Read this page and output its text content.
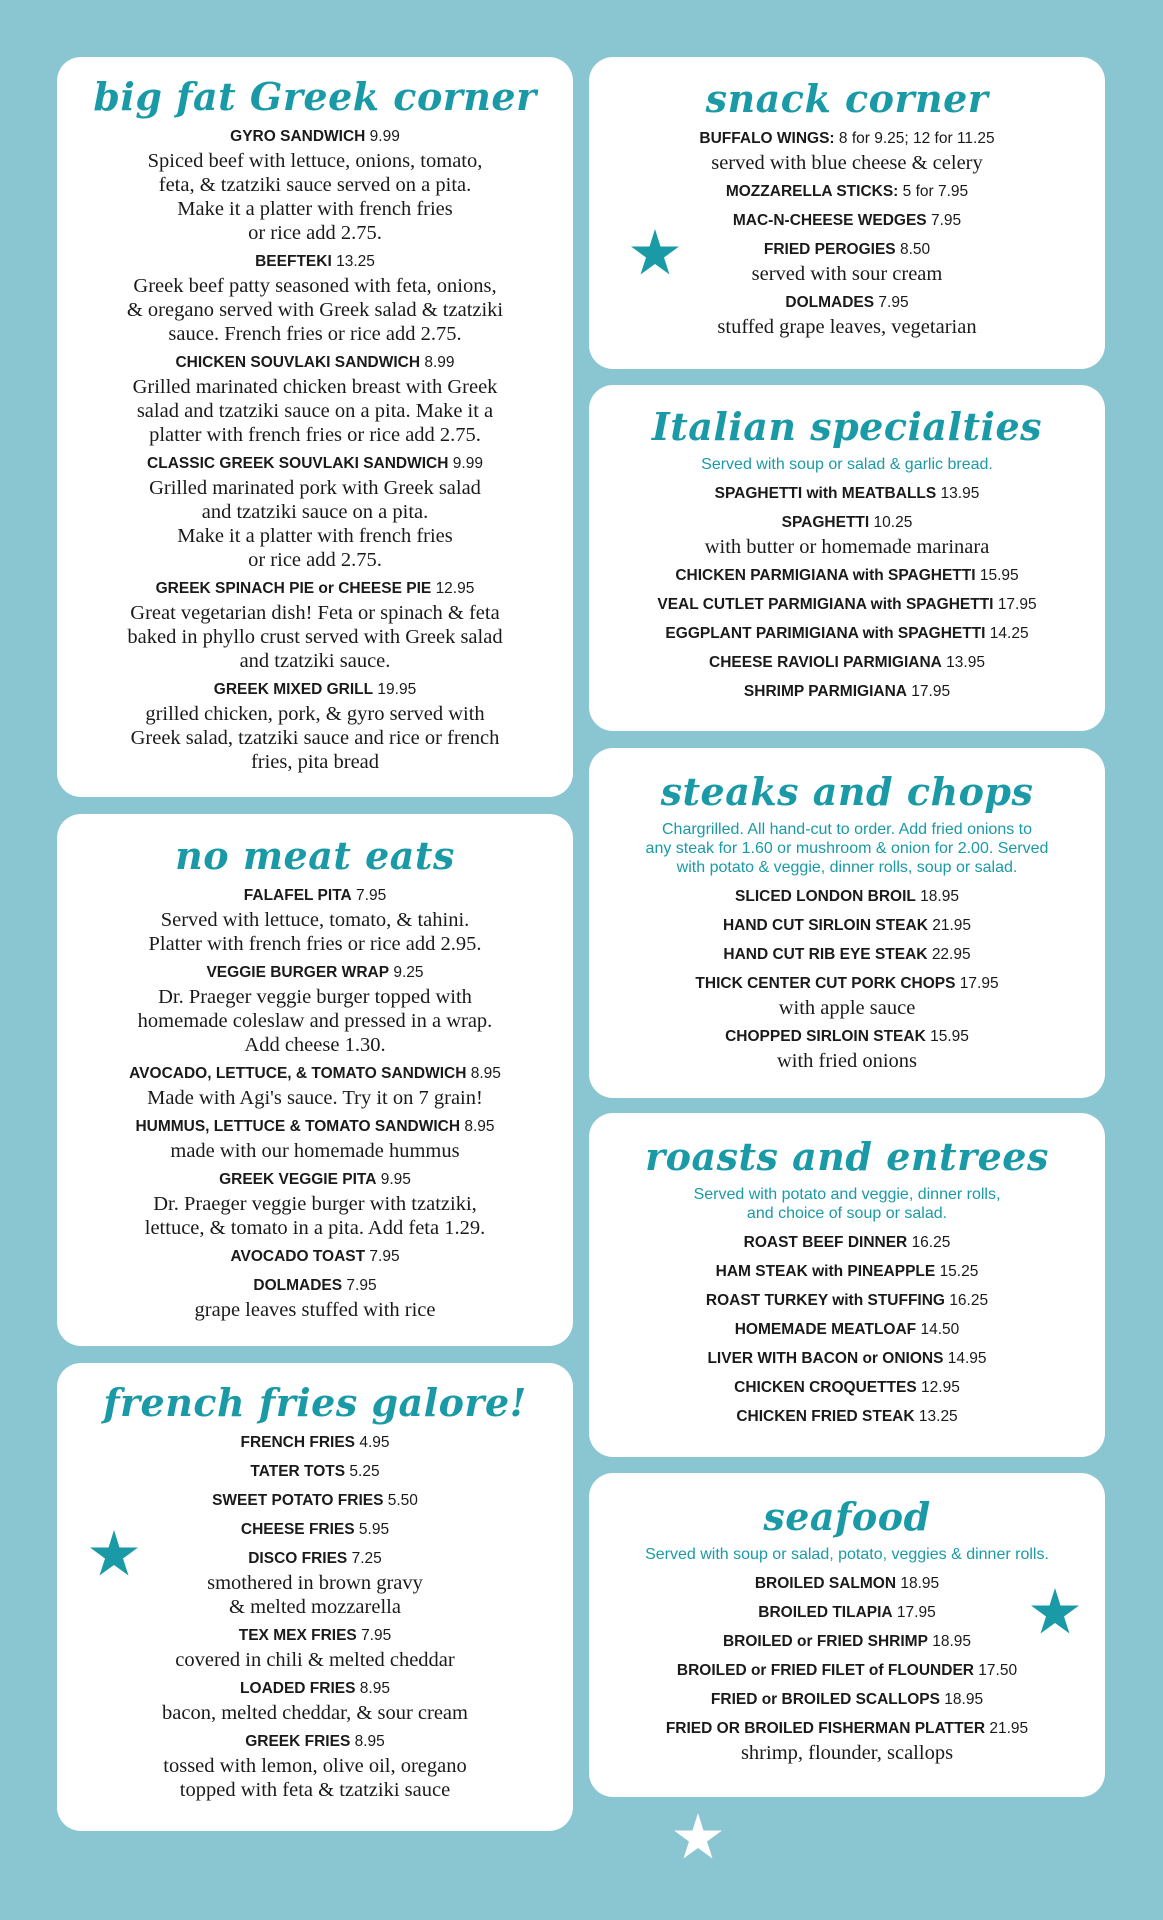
big fat Greek corner
GYRO SANDWICH 9.99
Spiced beef with lettuce, onions, tomato,
feta, & tzatziki sauce served on a pita.
Make it a platter with french fries
or rice add 2.75.
BEEFTEKI 13.25
Greek beef patty seasoned with feta, onions,
& oregano served with Greek salad & tzatziki
sauce. French fries or rice add 2.75.
CHICKEN SOUVLAKI SANDWICH 8.99
Grilled marinated chicken breast with Greek
salad and tzatziki sauce on a pita. Make it a
platter with french fries or rice add 2.75.
CLASSIC GREEK SOUVLAKI SANDWICH 9.99
Grilled marinated pork with Greek salad
and tzatziki sauce on a pita.
Make it a platter with french fries
or rice add 2.75.
GREEK SPINACH PIE or CHEESE PIE 12.95
Great vegetarian dish! Feta or spinach & feta
baked in phyllo crust served with Greek salad
and tzatziki sauce.
GREEK MIXED GRILL 19.95
grilled chicken, pork, & gyro served with
Greek salad, tzatziki sauce and rice or french
fries, pita bread
no meat eats
FALAFEL PITA 7.95
Served with lettuce, tomato, & tahini.
Platter with french fries or rice add 2.95.
VEGGIE BURGER WRAP 9.25
Dr. Praeger veggie burger topped with
homemade coleslaw and pressed in a wrap.
Add cheese 1.30.
AVOCADO, LETTUCE, & TOMATO SANDWICH 8.95
Made with Agi's sauce. Try it on 7 grain!
HUMMUS, LETTUCE & TOMATO SANDWICH 8.95
made with our homemade hummus
GREEK VEGGIE PITA 9.95
Dr. Praeger veggie burger with tzatziki,
lettuce, & tomato in a pita. Add feta 1.29.
AVOCADO TOAST 7.95
DOLMADES 7.95
grape leaves stuffed with rice
french fries galore!
FRENCH FRIES 4.95
TATER TOTS 5.25
SWEET POTATO FRIES 5.50
CHEESE FRIES 5.95
DISCO FRIES 7.25
smothered in brown gravy
& melted mozzarella
TEX MEX FRIES 7.95
covered in chili & melted cheddar
LOADED FRIES 8.95
bacon, melted cheddar, & sour cream
GREEK FRIES 8.95
tossed with lemon, olive oil, oregano
topped with feta & tzatziki sauce
snack corner
BUFFALO WINGS: 8 for 9.25; 12 for 11.25
served with blue cheese & celery
MOZZARELLA STICKS: 5 for 7.95
MAC-N-CHEESE WEDGES 7.95
FRIED PEROGIES 8.50
served with sour cream
DOLMADES 7.95
stuffed grape leaves, vegetarian
Italian specialties
Served with soup or salad & garlic bread.
SPAGHETTI with MEATBALLS 13.95
SPAGHETTI 10.25
with butter or homemade marinara
CHICKEN PARMIGIANA with SPAGHETTI 15.95
VEAL CUTLET PARMIGIANA with SPAGHETTI 17.95
EGGPLANT PARIMIGIANA with SPAGHETTI 14.25
CHEESE RAVIOLI PARMIGIANA 13.95
SHRIMP PARMIGIANA 17.95
steaks and chops
Chargrilled. All hand-cut to order. Add fried onions to
any steak for 1.60 or mushroom & onion for 2.00. Served
with potato & veggie, dinner rolls, soup or salad.
SLICED LONDON BROIL 18.95
HAND CUT SIRLOIN STEAK 21.95
HAND CUT RIB EYE STEAK 22.95
THICK CENTER CUT PORK CHOPS 17.95
with apple sauce
CHOPPED SIRLOIN STEAK 15.95
with fried onions
roasts and entrees
Served with potato and veggie, dinner rolls,
and choice of soup or salad.
ROAST BEEF DINNER 16.25
HAM STEAK with PINEAPPLE 15.25
ROAST TURKEY with STUFFING 16.25
HOMEMADE MEATLOAF 14.50
LIVER WITH BACON or ONIONS 14.95
CHICKEN CROQUETTES 12.95
CHICKEN FRIED STEAK 13.25
seafood
Served with soup or salad, potato, veggies & dinner rolls.
BROILED SALMON 18.95
BROILED TILAPIA 17.95
BROILED or FRIED SHRIMP 18.95
BROILED or FRIED FILET of FLOUNDER 17.50
FRIED or BROILED SCALLOPS 18.95
FRIED OR BROILED FISHERMAN PLATTER 21.95
shrimp, flounder, scallops
